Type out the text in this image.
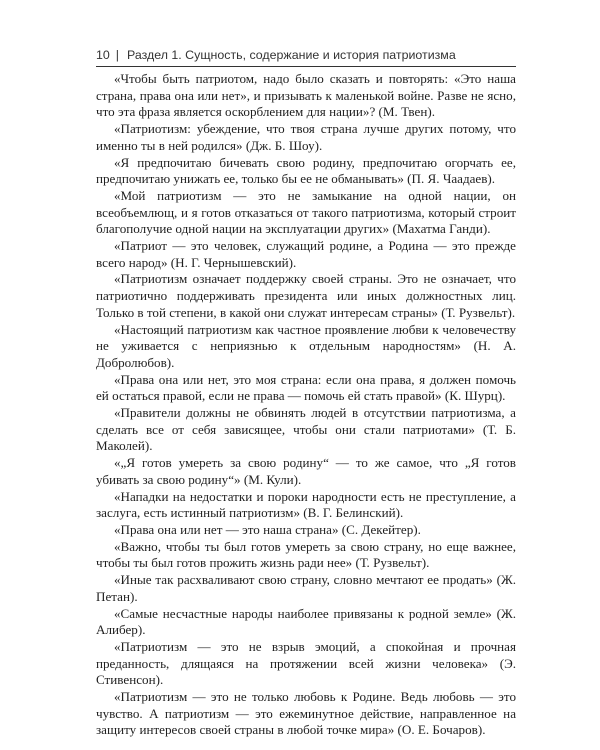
10 | Раздел 1. Сущность, содержание и история патриотизма

«Чтобы быть патриотом, надо было сказать и повторять: «Это наша страна, права она или нет», и призывать к маленькой войне. Разве не ясно, что эта фраза является оскорблением для нации»? (М. Твен).

«Патриотизм: убеждение, что твоя страна лучше других потому, что именно ты в ней родился» (Дж. Б. Шоу).

«Я предпочитаю бичевать свою родину, предпочитаю огорчать ее, предпочитаю унижать ее, только бы ее не обманывать» (П. Я. Чаадаев).

«Мой патриотизм — это не замыкание на одной нации, он всеобъемлющ, и я готов отказаться от такого патриотизма, который строит благополучие одной нации на эксплуатации других» (Махатма Ганди).

«Патриот — это человек, служащий родине, а Родина — это прежде всего народ» (Н. Г. Чернышевский).

«Патриотизм означает поддержку своей страны. Это не означает, что патриотично поддерживать президента или иных должностных лиц. Только в той степени, в какой они служат интересам страны» (Т. Рузвельт).

«Настоящий патриотизм как частное проявление любви к человечеству не уживается с неприязнью к отдельным народностям» (Н. А. Добролюбов).

«Права она или нет, это моя страна: если она права, я должен помочь ей остаться правой, если не права — помочь ей стать правой» (К. Шурц).

«Правители должны не обвинять людей в отсутствии патриотизма, а сделать все от себя зависящее, чтобы они стали патриотами» (Т. Б. Маколей).

«„Я готов умереть за свою родину“ — то же самое, что „Я готов убивать за свою родину“» (М. Кули).

«Нападки на недостатки и пороки народности есть не преступление, а заслуга, есть истинный патриотизм» (В. Г. Белинский).

«Права она или нет — это наша страна» (С. Декейтер).

«Важно, чтобы ты был готов умереть за свою страну, но еще важнее, чтобы ты был готов прожить жизнь ради нее» (Т. Рузвельт).

«Иные так расхваливают свою страну, словно мечтают ее продать» (Ж. Петан).

«Самые несчастные народы наиболее привязаны к родной земле» (Ж. Алибер).

«Патриотизм — это не взрыв эмоций, а спокойная и прочная преданность, длящаяся на протяжении всей жизни человека» (Э. Стивенсон).

«Патриотизм — это не только любовь к Родине. Ведь любовь — это чувство. А патриотизм — это ежеминутное действие, направленное на защиту интересов своей страны в любой точке мира» (О. Е. Бочаров).
